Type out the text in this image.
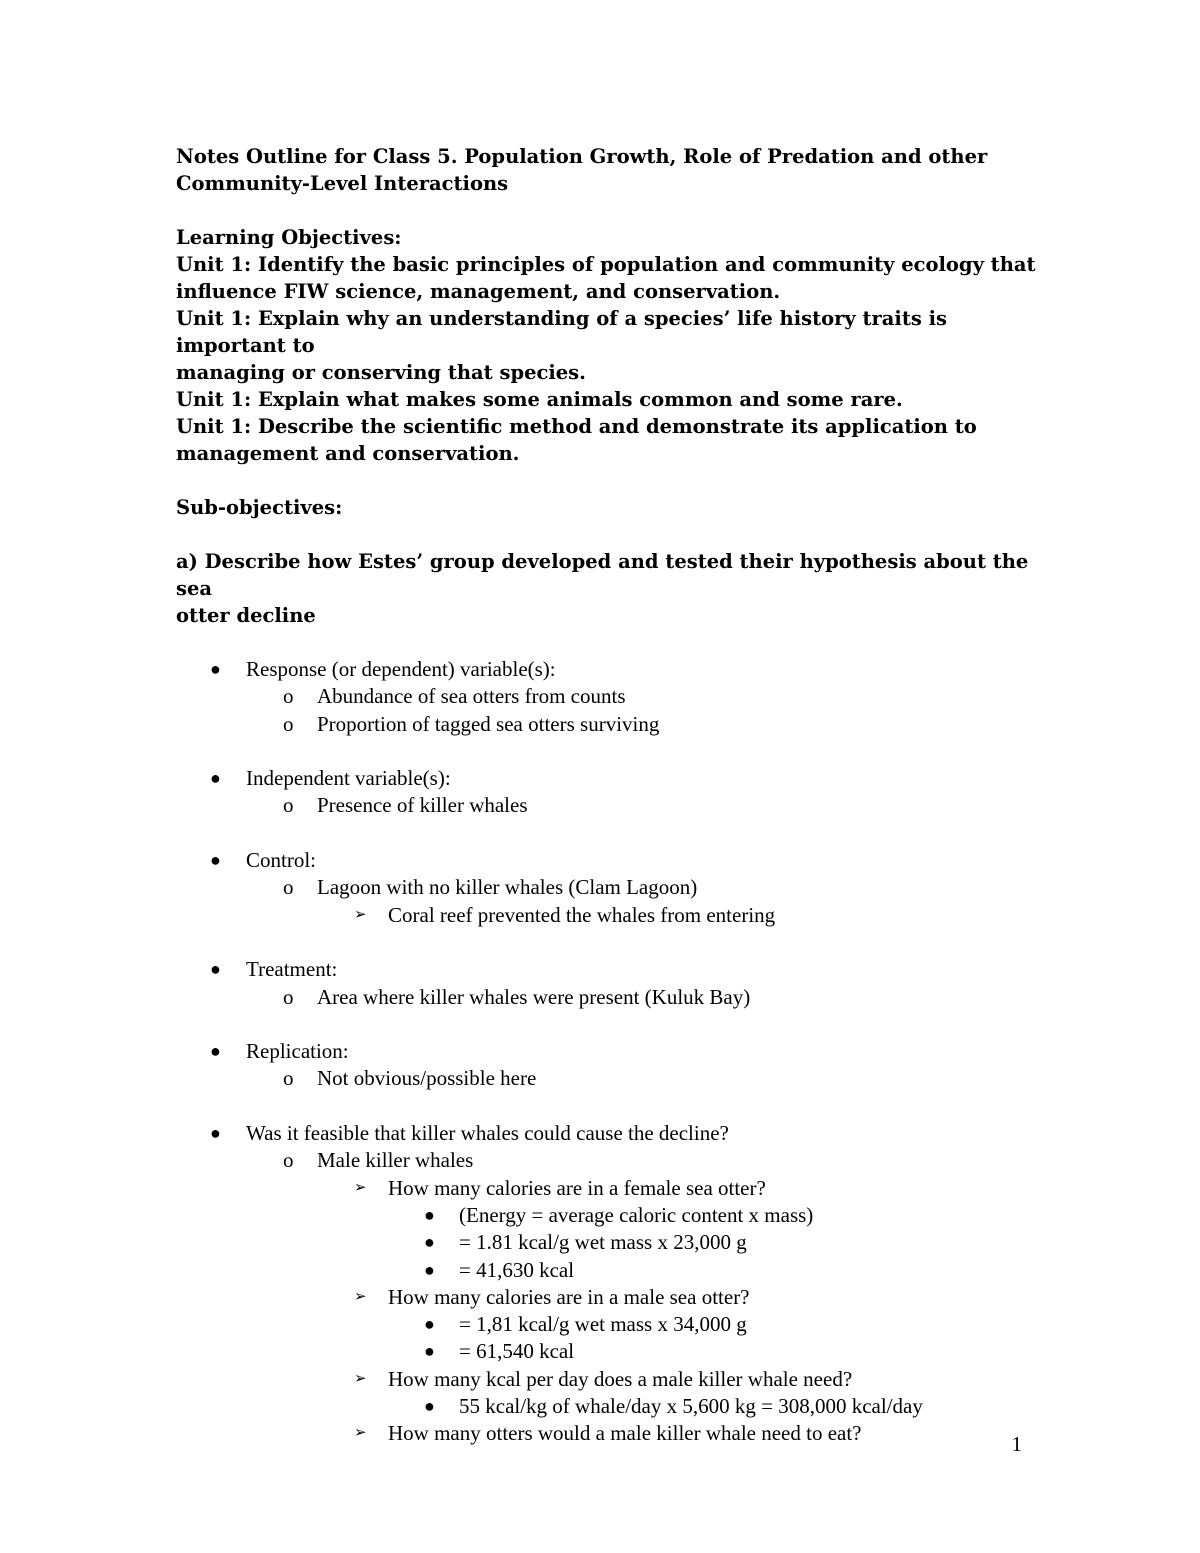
Notes Outline for Class 5. Population Growth, Role of Predation and other

Community-Level Interactions

Learning Objectives:

Unit 1: Identify the basic principles of population and community ecology that

influence FIW science, management, and conservation.

Unit 1: Explain why an understanding of a species’ life history traits is important to

managing or conserving that species.

Unit 1: Explain what makes some animals common and some rare.

Unit 1: Describe the scientific method and demonstrate its application to

management and conservation.

Sub-objectives:

a) Describe how Estes’ group developed and tested their hypothesis about the sea

otter decline

● Response (or dependent) variable(s):
o Abundance of sea otters from counts
o Proportion of tagged sea otters surviving
● Independent variable(s):
o Presence of killer whales
● Control:
o Lagoon with no killer whales (Clam Lagoon)
➢ Coral reef prevented the whales from entering
● Treatment:
o Area where killer whales were present (Kuluk Bay)
● Replication:
o Not obvious/possible here
● Was it feasible that killer whales could cause the decline?
o Male killer whales
➢ How many calories are in a female sea otter?
● (Energy = average caloric content x mass)
● = 1.81 kcal/g wet mass x 23,000 g
● = 41,630 kcal
➢ How many calories are in a male sea otter?
● = 1,81 kcal/g wet mass x 34,000 g
● = 61,540 kcal
➢ How many kcal per day does a male killer whale need?
● 55 kcal/kg of whale/day x 5,600 kg = 308,000 kcal/day
➢ How many otters would a male killer whale need to eat?	1
